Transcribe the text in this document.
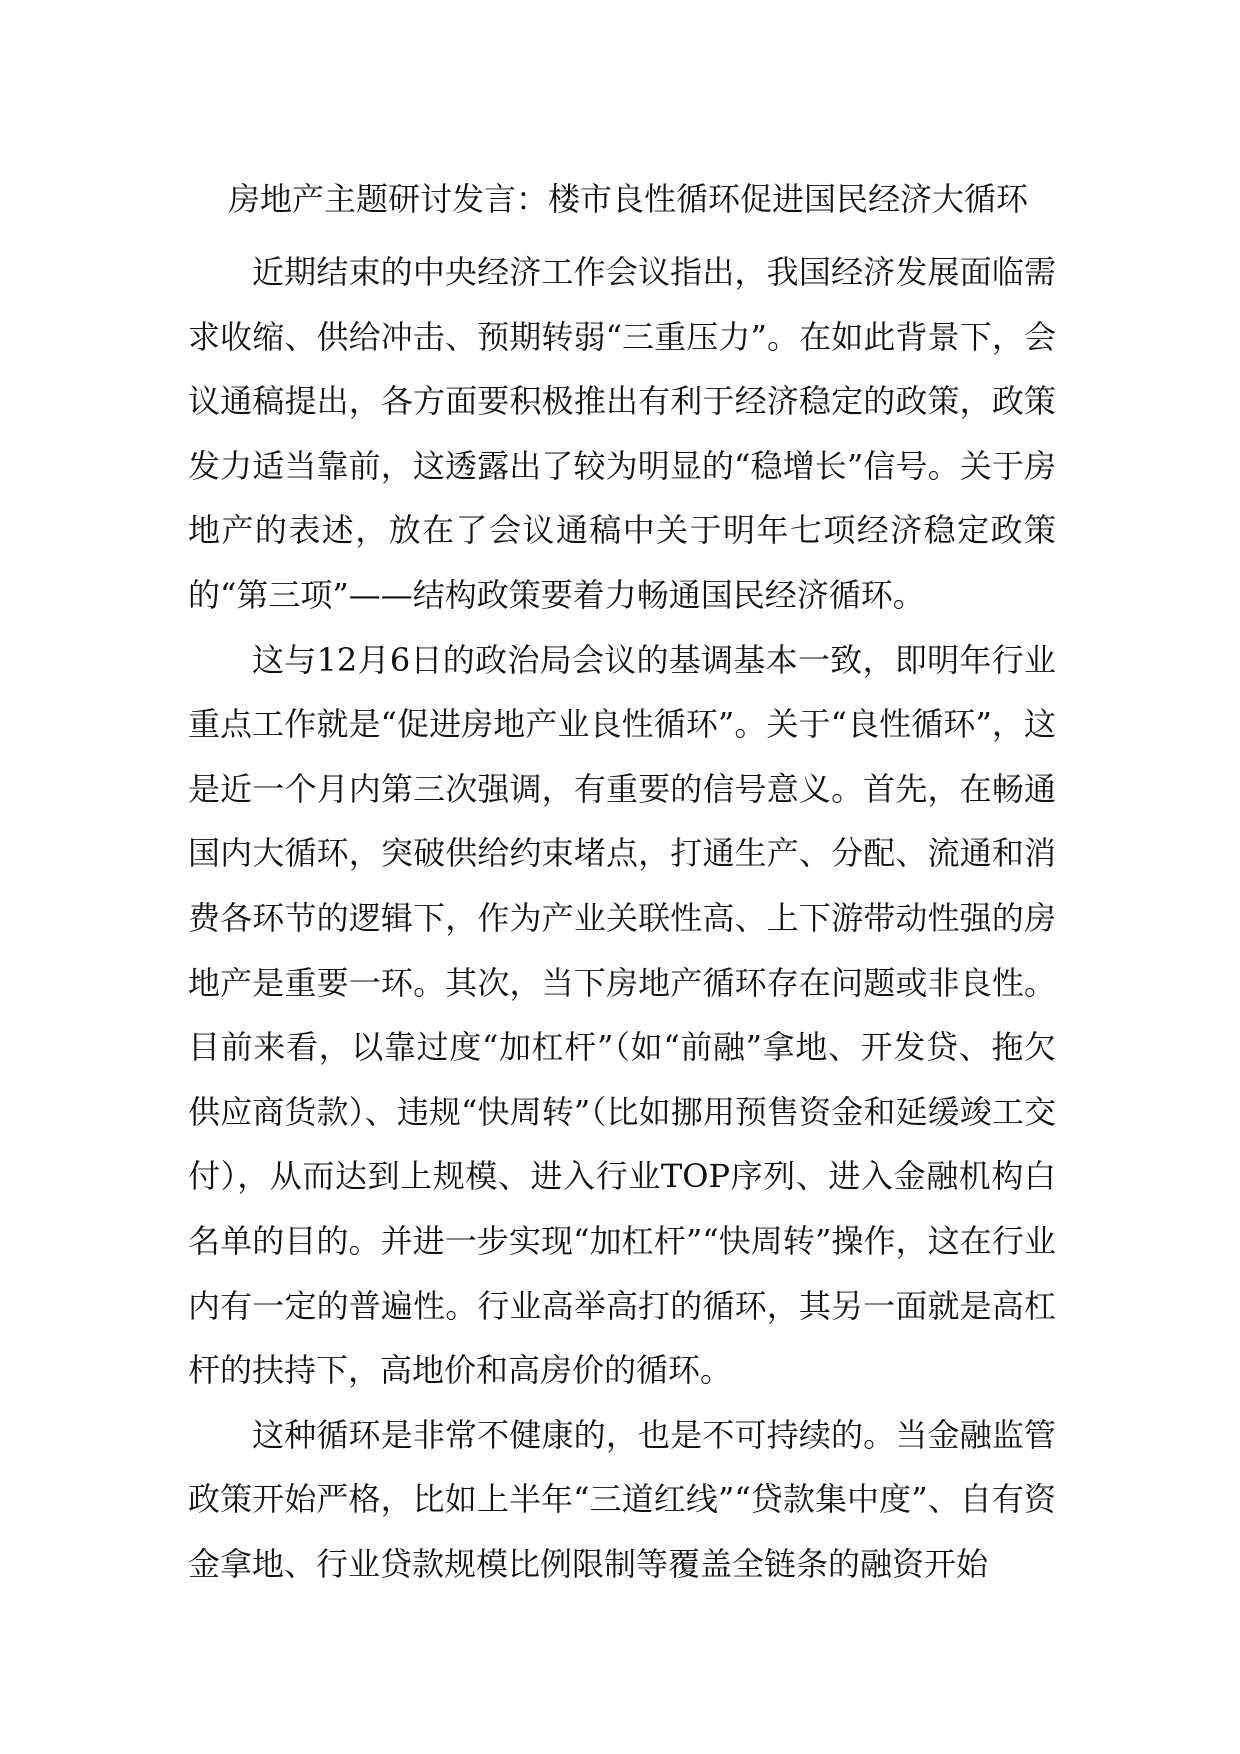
房地产主题研讨发言：楼市良性循环促进国民经济大循环

近期结束的中央经济工作会议指出，我国经济发展面临需求收缩、供给冲击、预期转弱“三重压力”。在如此背景下，会议通稿提出，各方面要积极推出有利于经济稳定的政策，政策发力适当靠前，这透露出了较为明显的“稳增长”信号。关于房地产的表述，放在了会议通稿中关于明年七项经济稳定政策的“第三项”——结构政策要着力畅通国民经济循环。

这与12月6日的政治局会议的基调基本一致，即明年行业重点工作就是“促进房地产业良性循环”。关于“良性循环”，这是近一个月内第三次强调，有重要的信号意义。首先，在畅通国内大循环，突破供给约束堵点，打通生产、分配、流通和消费各环节的逻辑下，作为产业关联性高、上下游带动性强的房地产是重要一环。其次，当下房地产循环存在问题或非良性。目前来看，以靠过度“加杠杆”（如“前融”拿地、开发贷、拖欠供应商货款）、违规“快周转”（比如挪用预售资金和延缓竣工交付），从而达到上规模、进入行业TOP序列、进入金融机构白名单的目的。并进一步实现“加杠杆”“快周转”操作，这在行业内有一定的普遍性。行业高举高打的循环，其另一面就是高杠杆的扶持下，高地价和高房价的循环。

这种循环是非常不健康的，也是不可持续的。当金融监管政策开始严格，比如上半年“三道红线”“贷款集中度”、自有资金拿地、行业贷款规模比例限制等覆盖全链条的融资开始
